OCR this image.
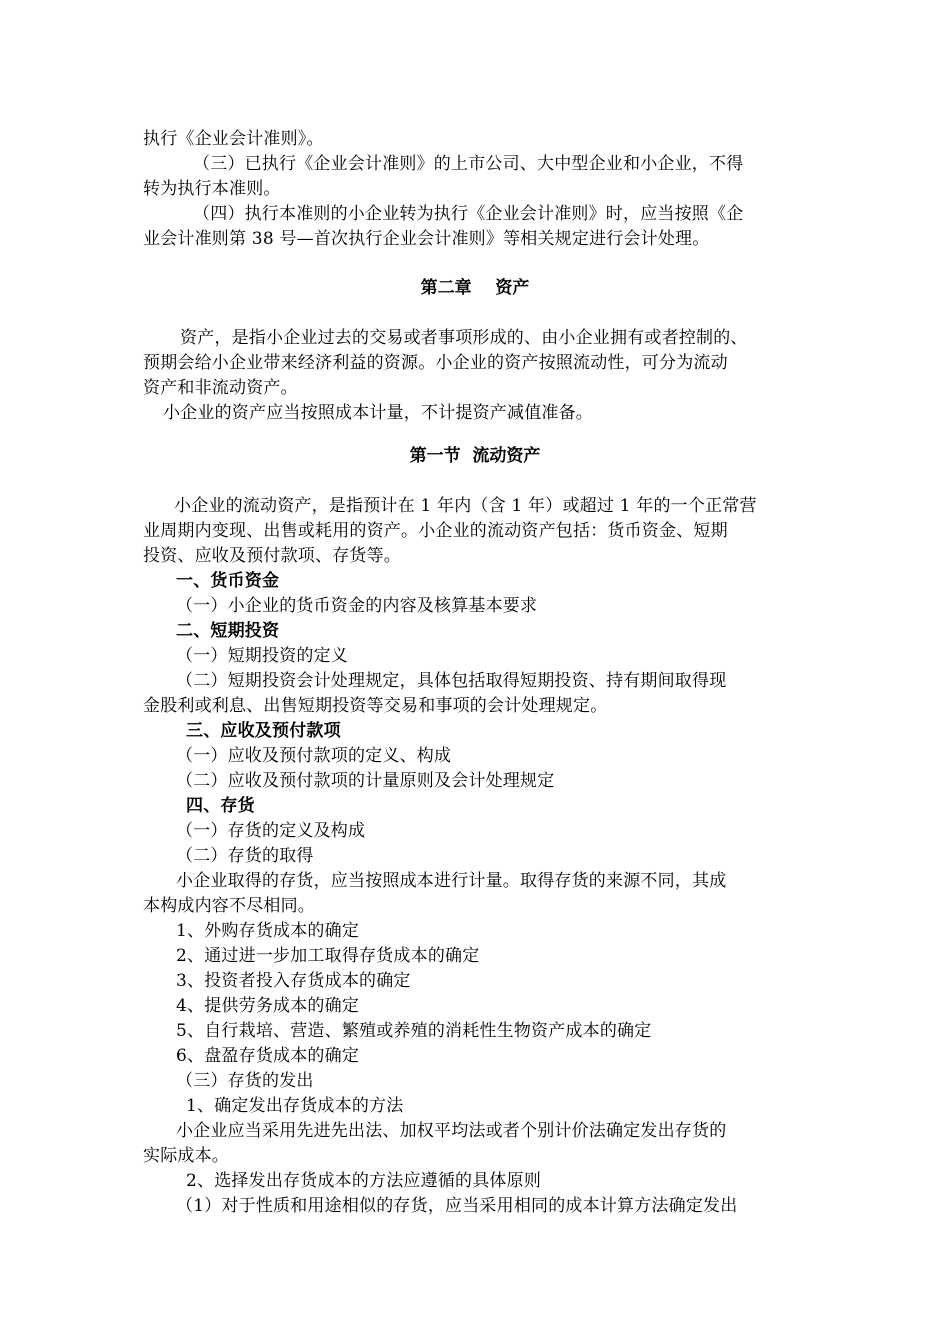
执行《企业会计准则》。
（三）已执行《企业会计准则》的上市公司、大中型企业和小企业，不得
转为执行本准则。
（四）执行本准则的小企业转为执行《企业会计准则》时，应当按照《企
业会计准则第 38 号—首次执行企业会计准则》等相关规定进行会计处理。
第二章    资产
资产，是指小企业过去的交易或者事项形成的、由小企业拥有或者控制的、
预期会给小企业带来经济利益的资源。小企业的资产按照流动性，可分为流动
资产和非流动资产。
小企业的资产应当按照成本计量，不计提资产减值准备。
第一节  流动资产
小企业的流动资产，是指预计在 1 年内（含 1 年）或超过 1 年的一个正常营
业周期内变现、出售或耗用的资产。小企业的流动资产包括：货币资金、短期
投资、应收及预付款项、存货等。
一、货币资金
（一）小企业的货币资金的内容及核算基本要求
二、短期投资
（一）短期投资的定义
（二）短期投资会计处理规定，具体包括取得短期投资、持有期间取得现
金股利或利息、出售短期投资等交易和事项的会计处理规定。
三、应收及预付款项
（一）应收及预付款项的定义、构成
（二）应收及预付款项的计量原则及会计处理规定
四、存货
（一）存货的定义及构成
（二）存货的取得
小企业取得的存货，应当按照成本进行计量。取得存货的来源不同，其成
本构成内容不尽相同。
1、外购存货成本的确定
2、通过进一步加工取得存货成本的确定
3、投资者投入存货成本的确定
4、提供劳务成本的确定
5、自行栽培、营造、繁殖或养殖的消耗性生物资产成本的确定
6、盘盈存货成本的确定
（三）存货的发出
1、确定发出存货成本的方法
小企业应当采用先进先出法、加权平均法或者个别计价法确定发出存货的
实际成本。
2、选择发出存货成本的方法应遵循的具体原则
（1）对于性质和用途相似的存货，应当采用相同的成本计算方法确定发出
